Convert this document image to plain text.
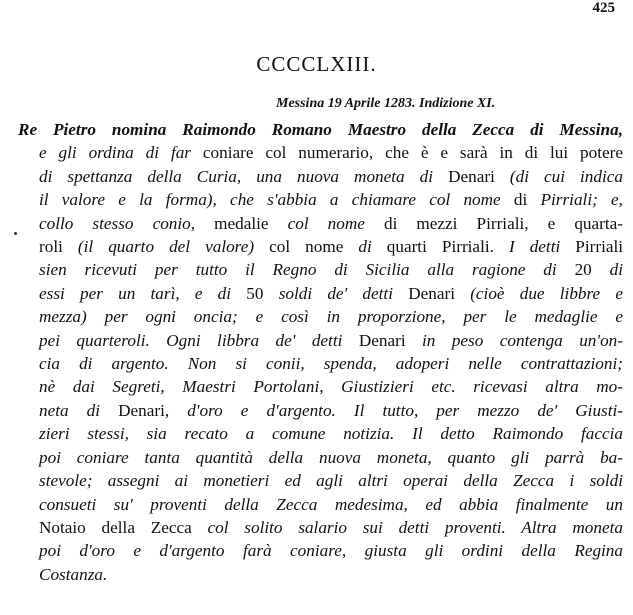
425
CCCCLXIII.
Messina 19 Aprile 1283. Indizione XI.
Re Pietro nomina Raimondo Romano Maestro della Zecca di Messina,
e gli ordina di far coniare col numerario, che è e sarà in di lui potere
di spettanza della Curia, una nuova moneta di Denari (di cui indica
il valore e la forma), che s'abbia a chiamare col nome di Pirriali; e,
collo stesso conio, medalie col nome di mezzi Pirriali, e quarta-
roli (il quarto del valore) col nome di quarti Pirriali. I detti Pirriali
sien ricevuti per tutto il Regno di Sicilia alla ragione di 20 di
essi per un tarì, e di 50 soldi de' detti Denari (cioè due libbre e
mezza) per ogni oncia; e così in proporzione, per le medaglie e
pei quarteroli. Ogni libbra de' detti Denari in peso contenga un'on-
cia di argento. Non si conii, spenda, adoperi nelle contrattazioni;
nè dai Segreti, Maestri Portolani, Giustizieri etc. ricevasi altra mo-
neta di Denari, d'oro e d'argento. Il tutto, per mezzo de' Giusti-
zieri stessi, sia recato a comune notizia. Il detto Raimondo faccia
poi coniare tanta quantità della nuova moneta, quanto gli parrà ba-
stevole; assegni ai monetieri ed agli altri operai della Zecca i soldi
consueti su' proventi della Zecca medesima, ed abbia finalmente un
Notaio della Zecca col solito salario sui detti proventi. Altra moneta
poi d'oro e d'argento farà coniare, giusta gli ordini della Regina
Costanza.
